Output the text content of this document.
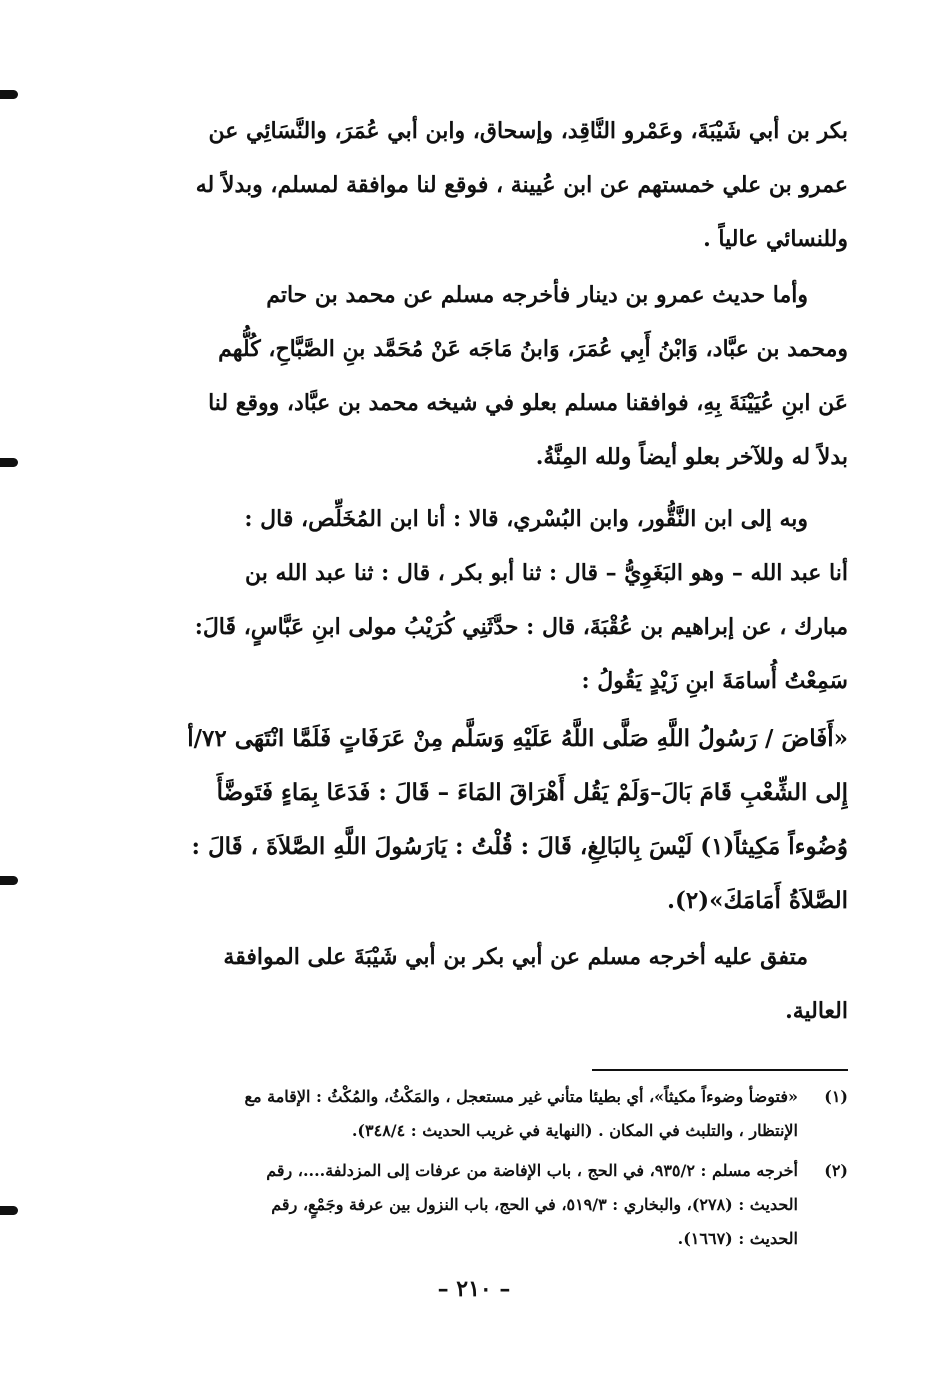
بكر بن أبي شَيْبَةَ، وعَمْرو النَّاقِد، وإسحاق، وابن أبي عُمَرَ، والنَّسَائِي عن
عمرو بن علي خمستهم عن ابن عُيينة ، فوقع لنا موافقة لمسلم، وبدلاً له
وللنسائي عالياً .
وأما حديث عمرو بن دينار فأخرجه مسلم عن محمد بن حاتم
ومحمد بن عبَّاد، وَابْنُ أَبِي عُمَرَ، وَابنُ مَاجَه عَنْ مُحَمَّد بنِ الصَّبَّاحِ، كُلُّهم
عَن ابنِ عُيَيْنَةَ بِهِ، فوافقنا مسلم بعلو في شيخه محمد بن عبَّاد، ووقع لنا
بدلاً له وللآخر بعلو أيضاً ولله المِنَّةُ.
وبه إلى ابن النَّقُّور، وابن البُسْري، قالا : أنا ابن المُخَلِّص، قال :
أنا عبد الله – وهو البَغَوِيُّ – قال : ثنا أبو بكر ، قال : ثنا عبد الله بن
مبارك ، عن إبراهيم بن عُقْبَةَ، قال : حدَّثَنِي كُرَيْبُ مولى ابنِ عَبَّاسٍ، قَالَ:
سَمِعْتُ أُسامَةَ ابنِ زَيْدٍ يَقُولُ :
«أَفَاضَ / رَسُولُ اللَّهِ صَلَّى اللَّهُ عَلَيْهِ وَسَلَّم مِنْ عَرَفَاتٍ فَلَمَّا انْتَهَى ٧٢/أ
إِلى الشِّعْبِ قَامَ بَالَ–وَلَمْ يَقُل أَهْرَاقَ المَاءَ – قَالَ : فَدَعَا بِمَاءٍ فَتَوضَّأَ
وُضُوءاً مَكِيثاً(١) لَيْسَ بِالبَالِغِ، قَالَ : قُلْتُ : يَارَسُولَ اللَّهِ الصَّلاَةَ ، قَالَ :
الصَّلاَةُ أَمَامَكَ»(٢).
متفق عليه أخرجه مسلم عن أبي بكر بن أبي شَيْبَةَ على الموافقة
العالية.
(١)
«فتوضأ وضوءاً مكيثاً»، أي بطيئا متأني غير مستعجل ، والمَكْثُ، والمُكْثُ : الإقامة مع
الإنتظار ، والتلبث في المكان . (النهاية في غريب الحديث : ٣٤٨/٤).
(٢)
أخرجه مسلم : ٩٣٥/٢، في الحج ، باب الإفاضة من عرفات إلى المزدلفة....، رقم
الحديث : (٢٧٨)، والبخاري : ٥١٩/٣، في الحج، باب النزول بين عرفة وجَمْعٍ، رقم
الحديث : (١٦٦٧).
– ٢١٠ –
